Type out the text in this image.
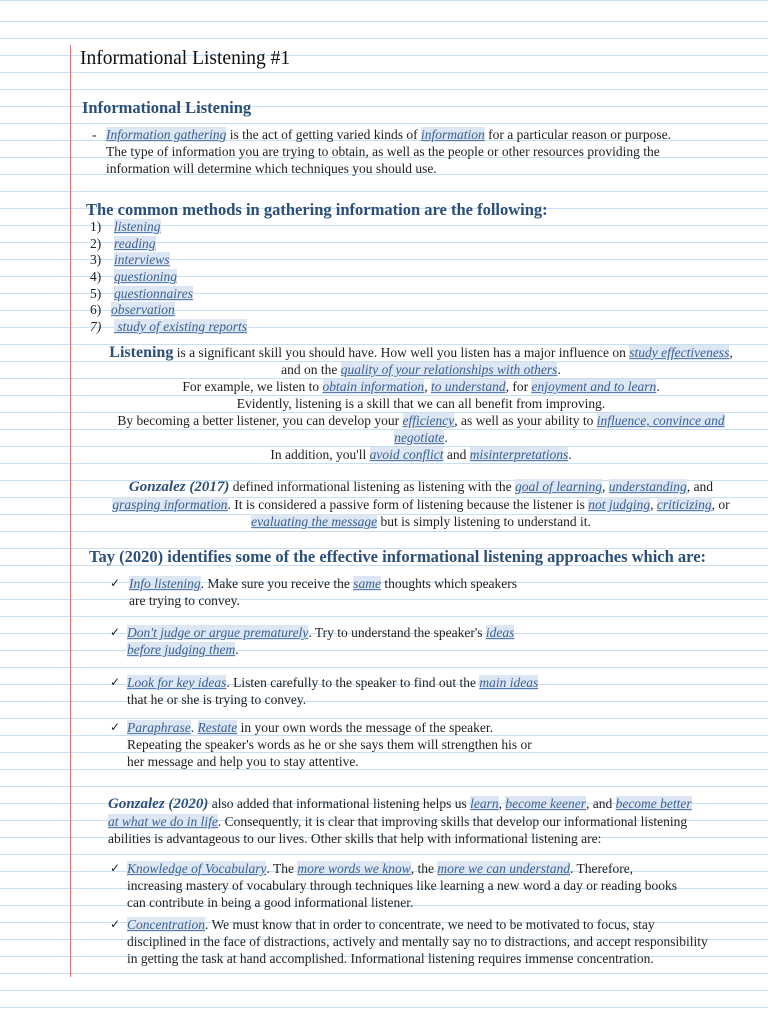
Informational Listening #1
Informational Listening
- Information gathering is the act of getting varied kinds of information for a particular reason or purpose.
The type of information you are trying to obtain, as well as the people or other resources providing the
information will determine which techniques you should use.
The common methods in gathering information are the following:
1) listening
2) reading
3) interviews
4) questioning
5) questionnaires
6) observation
7) study of existing reports
Listening is a significant skill you should have. How well you listen has a major influence on study effectiveness,
and on the quality of your relationships with others.
For example, we listen to obtain information, to understand, for enjoyment and to learn.
Evidently, listening is a skill that we can all benefit from improving.
By becoming a better listener, you can develop your efficiency, as well as your ability to influence, convince and
negotiate.
In addition, you'll avoid conflict and misinterpretations.
Gonzalez (2017) defined informational listening as listening with the goal of learning, understanding, and
grasping information. It is considered a passive form of listening because the listener is not judging, criticizing, or
evaluating the message but is simply listening to understand it.
Tay (2020) identifies some of the effective informational listening approaches which are:
✓ Info listening. Make sure you receive the same thoughts which speakers
are trying to convey.
✓ Don't judge or argue prematurely. Try to understand the speaker's ideas
before judging them.
✓ Look for key ideas. Listen carefully to the speaker to find out the main ideas
that he or she is trying to convey.
✓ Paraphrase. Restate in your own words the message of the speaker.
Repeating the speaker's words as he or she says them will strengthen his or
her message and help you to stay attentive.
Gonzalez (2020) also added that informational listening helps us learn, become keener, and become better
at what we do in life. Consequently, it is clear that improving skills that develop our informational listening
abilities is advantageous to our lives. Other skills that help with informational listening are:
✓ Knowledge of Vocabulary. The more words we know, the more we can understand. Therefore,
increasing mastery of vocabulary through techniques like learning a new word a day or reading books
can contribute in being a good informational listener.
✓ Concentration. We must know that in order to concentrate, we need to be motivated to focus, stay
disciplined in the face of distractions, actively and mentally say no to distractions, and accept responsibility
in getting the task at hand accomplished. Informational listening requires immense concentration.
